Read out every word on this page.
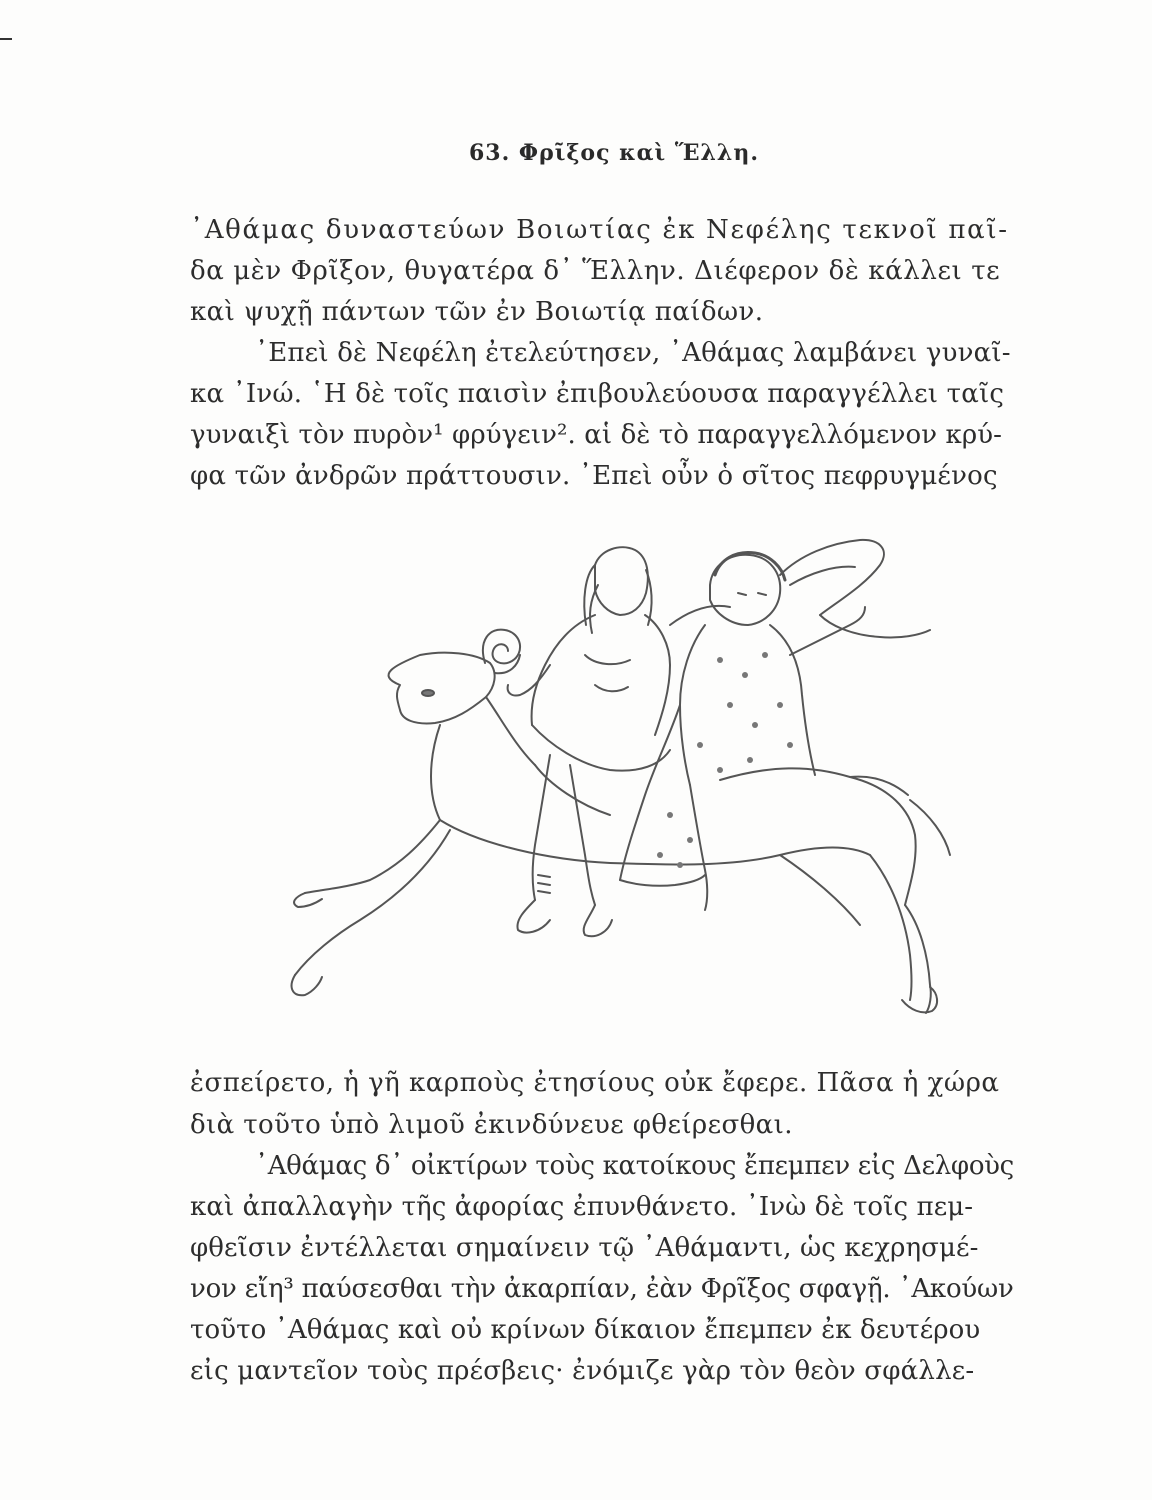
63. Φρῖξος καὶ Ἕλλη.
᾿Αθάμας δυναστεύων Βοιωτίας ἐκ Νεφέλης τεκνοῖ παῖ-
δα μὲν Φρῖξον, θυγατέρα δ᾿ Ἕλλην. Διέφερον δὲ κάλλει τε
καὶ ψυχῇ πάντων τῶν ἐν Βοιωτίᾳ παίδων.
᾿Επεὶ δὲ Νεφέλη ἐτελεύτησεν, ᾿Αθάμας λαμβάνει γυναῖ-
κα ᾿Ινώ. ῾Η δὲ τοῖς παισὶν ἐπιβουλεύουσα παραγγέλλει ταῖς
γυναιξὶ τὸν πυρὸν¹ φρύγειν². αἱ δὲ τὸ παραγγελλόμενον κρύ-
φα τῶν ἀνδρῶν πράττουσιν. ᾿Επεὶ οὖν ὁ σῖτος πεφρυγμένος
ἐσπείρετο, ἡ γῆ καρποὺς ἐτησίους οὐκ ἔφερε. Πᾶσα ἡ χώρα
διὰ τοῦτο ὑπὸ λιμοῦ ἐκινδύνευε φθείρεσθαι.
᾿Αθάμας δ᾿ οἰκτίρων τοὺς κατοίκους ἔπεμπεν εἰς Δελφοὺς
καὶ ἀπαλλαγὴν τῆς ἀφορίας ἐπυνθάνετο. ᾿Ινὼ δὲ τοῖς πεμ-
φθεῖσιν ἐντέλλεται σημαίνειν τῷ ᾿Αθάμαντι, ὡς κεχρησμέ-
νον εἴη³ παύσεσθαι τὴν ἀκαρπίαν, ἐὰν Φρῖξος σφαγῇ. ᾿Ακούων
τοῦτο ᾿Αθάμας καὶ οὐ κρίνων δίκαιον ἔπεμπεν ἐκ δευτέρου
εἰς μαντεῖον τοὺς πρέσβεις· ἐνόμιζε γὰρ τὸν θεὸν σφάλλε-
